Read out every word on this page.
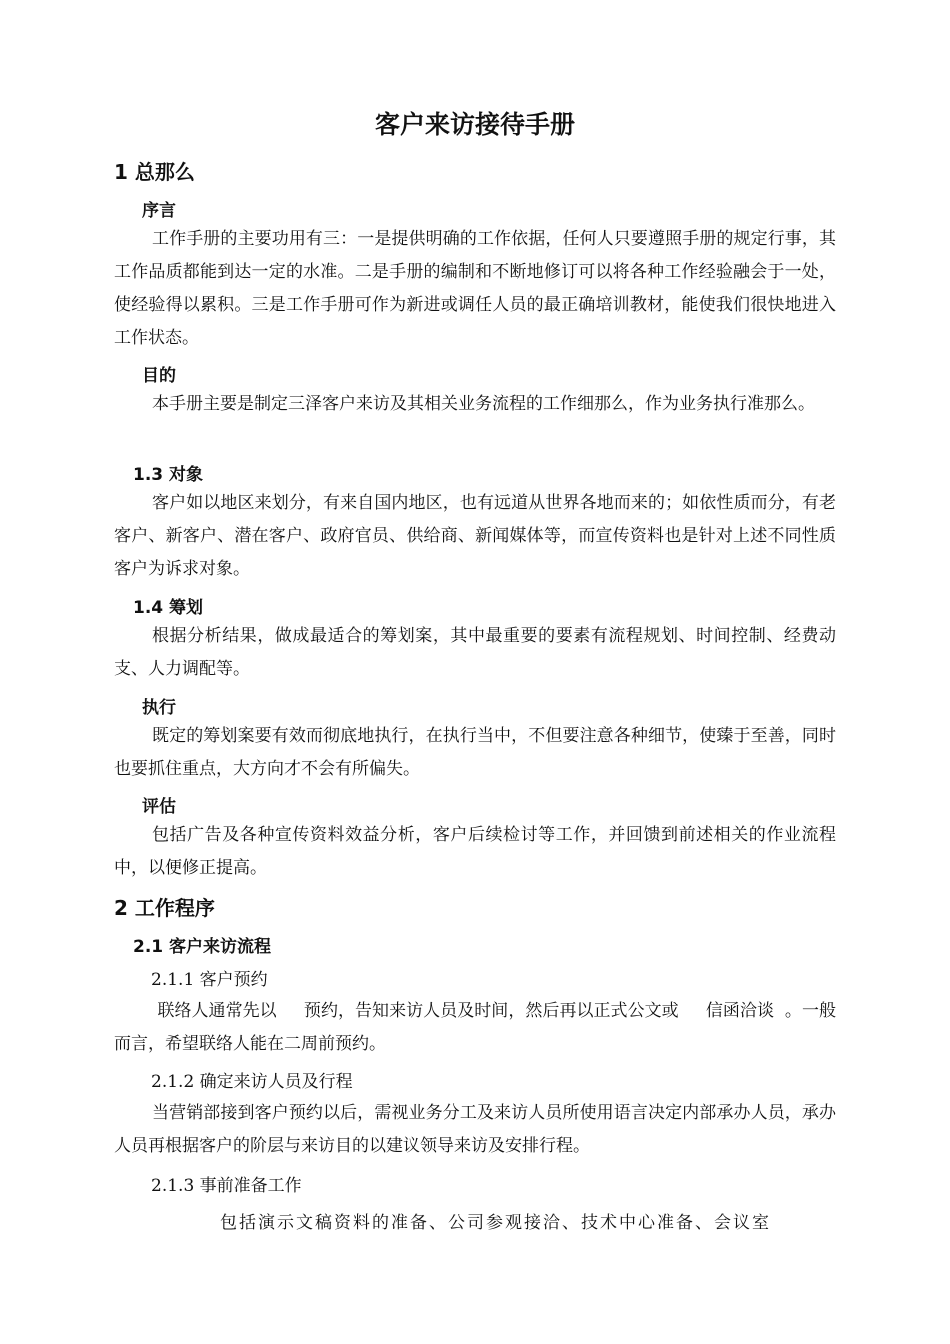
客户来访接待手册
1 总那么
序言

工作手册的主要功用有三：一是提供明确的工作依据，任何人只要遵照手册的规定行事，其工作品质都能到达一定的水准。二是手册的编制和不断地修订可以将各种工作经验融会于一处，使经验得以累积。三是工作手册可作为新进或调任人员的最正确培训教材，能使我们很快地进入工作状态。

目的

本手册主要是制定三泽客户来访及其相关业务流程的工作细那么，作为业务执行准那么。

1.3 对象

客户如以地区来划分，有来自国内地区，也有远道从世界各地而来的；如依性质而分，有老客户、新客户、潜在客户、政府官员、供给商、新闻媒体等，而宣传资料也是针对上述不同性质客户为诉求对象。

1.4 筹划

根据分析结果，做成最适合的筹划案，其中最重要的要素有流程规划、时间控制、经费动支、人力调配等。

执行

既定的筹划案要有效而彻底地执行，在执行当中，不但要注意各种细节，使臻于至善，同时也要抓住重点，大方向才不会有所偏失。

评估

包括广告及各种宣传资料效益分析，客户后续检讨等工作，并回馈到前述相关的作业流程中，以便修正提高。

2 工作程序
2.1 客户来访流程
2.1.1 客户预约

联络人通常先以     预约，告知来访人员及时间，然后再以正式公文或     信函洽谈  。一般而言，希望联络人能在二周前预约。

2.1.2 确定来访人员及行程

当营销部接到客户预约以后，需视业务分工及来访人员所使用语言决定内部承办人员，承办人员再根据客户的阶层与来访目的以建议领导来访及安排行程。

2.1.3 事前准备工作
包括演示文稿资料的准备、公司参观接洽、技术中心准备、会议室
